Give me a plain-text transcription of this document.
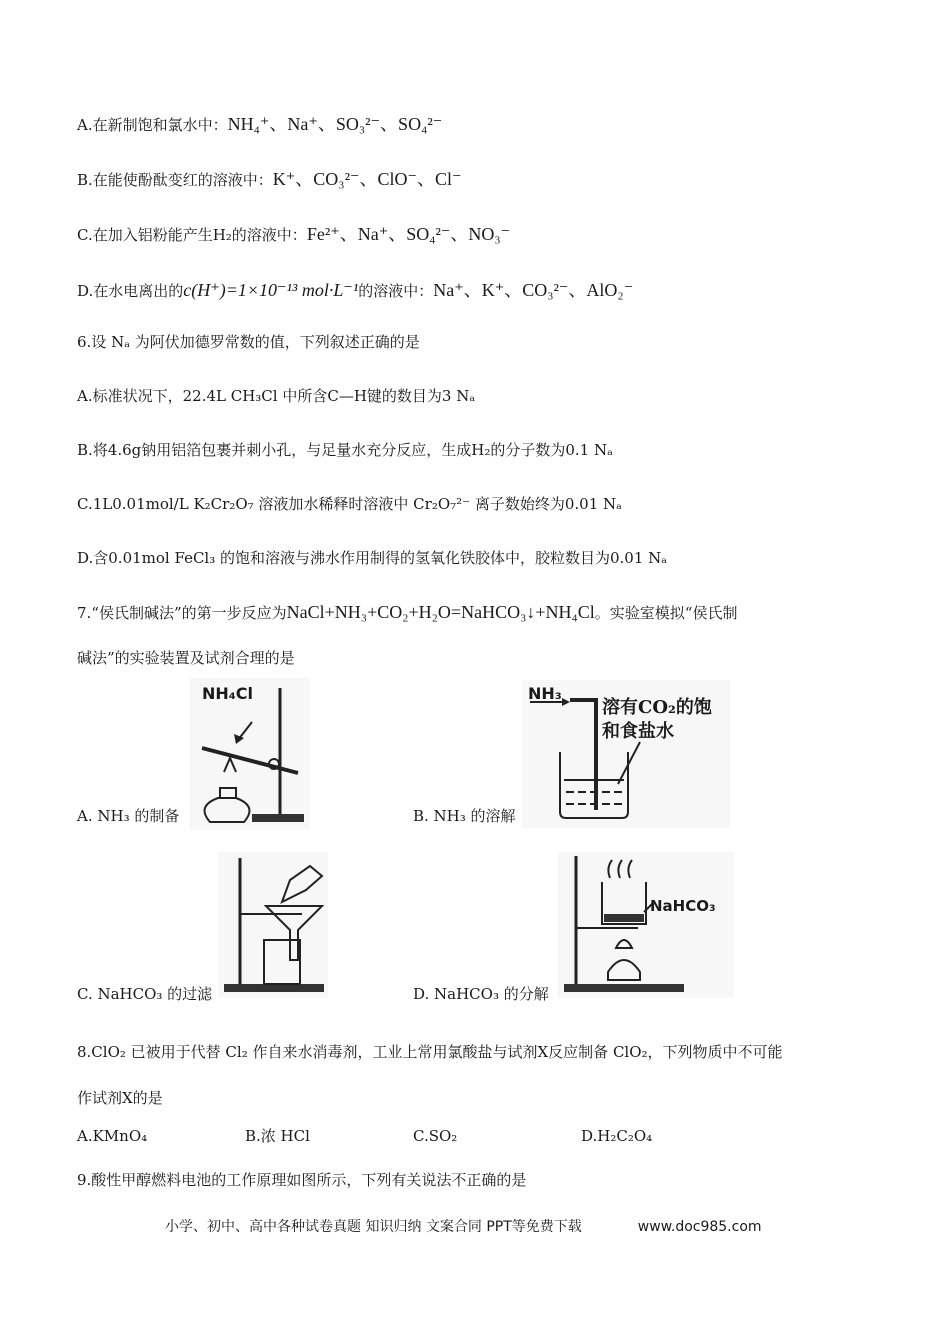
A.在新制饱和氯水中：NH₄⁺、Na⁺、SO₃²⁻、SO₄²⁻
B.在能使酚酞变红的溶液中：K⁺、CO₃²⁻、ClO⁻、Cl⁻
C.在加入铝粉能产生H₂的溶液中：Fe²⁺、Na⁺、SO₄²⁻、NO₃⁻
D.在水电离出的c(H⁺)=1×10⁻¹³ mol·L⁻¹的溶液中：Na⁺、K⁺、CO₃²⁻、AlO₂⁻
6.设 Nₐ 为阿伏加德罗常数的值，下列叙述正确的是
A.标准状况下，22.4L CH₃Cl 中所含C—H键的数目为3 Nₐ
B.将4.6g钠用铝箔包裹并刺小孔，与足量水充分反应，生成H₂的分子数为0.1 Nₐ
C.1L0.01mol/L K₂Cr₂O₇ 溶液加水稀释时溶液中 Cr₂O₇²⁻ 离子数始终为0.01 Nₐ
D.含0.01mol FeCl₃ 的饱和溶液与沸水作用制得的氢氧化铁胶体中，胶粒数目为0.01 Nₐ
7.“侯氏制碱法”的第一步反应为NaCl+NH₃+CO₂+H₂O=NaHCO₃↓+NH₄Cl。实验室模拟“侯氏制
碱法”的实验装置及试剂合理的是
NH₄Cl
A. NH₃ 的制备
NH₃
溶有CO₂的饱
和食盐水
B. NH₃ 的溶解
C. NaHCO₃ 的过滤
NaHCO₃
D. NaHCO₃ 的分解
8.ClO₂ 已被用于代替 Cl₂ 作自来水消毒剂，工业上常用氯酸盐与试剂X反应制备 ClO₂，下列物质中不可能
作试剂X的是
A.KMnO₄	B.浓 HCl	C.SO₂	D.H₂C₂O₄
9.酸性甲醇燃料电池的工作原理如图所示，下列有关说法不正确的是
小学、初中、高中各种试卷真题 知识归纳 文案合同 PPT等免费下载	www.doc985.com
